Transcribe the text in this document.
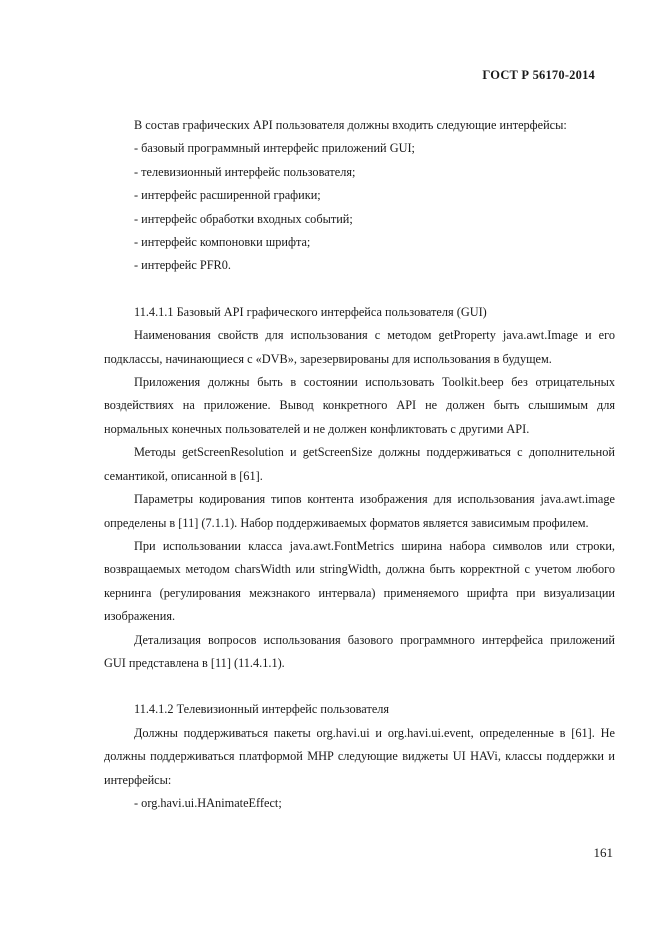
ГОСТ Р 56170-2014

В состав графических API пользователя должны входить следующие интерфейсы:

- базовый программный интерфейс приложений GUI;

- телевизионный интерфейс пользователя;

- интерфейс расширенной графики;

- интерфейс обработки входных событий;

- интерфейс компоновки шрифта;

- интерфейс PFR0.

11.4.1.1 Базовый API графического интерфейса пользователя (GUI)

Наименования свойств для использования с методом getProperty java.awt.Image и его подклассы, начинающиеся с «DVB», зарезервированы для использования в будущем.

Приложения должны быть в состоянии использовать Toolkit.beep без отрицательных воздействиях на приложение. Вывод конкретного API не должен быть слышимым для нормальных конечных пользователей и не должен конфликтовать с другими API.

Методы getScreenResolution и getScreenSize должны поддерживаться с дополнительной семантикой, описанной в [61].

Параметры кодирования типов контента изображения для использования java.awt.image определены в [11] (7.1.1). Набор поддерживаемых форматов является зависимым профилем.

При использовании класса java.awt.FontMetrics ширина набора символов или строки, возвращаемых методом charsWidth или stringWidth, должна быть корректной с учетом любого кернинга (регулирования межзнакого интервала) применяемого шрифта при визуализации изображения.

Детализация вопросов использования базового программного интерфейса приложений GUI представлена в [11] (11.4.1.1).

11.4.1.2 Телевизионный интерфейс пользователя

Должны поддерживаться пакеты org.havi.ui и org.havi.ui.event, определенные в [61]. Не должны поддерживаться платформой MHP следующие виджеты UI HAVi, классы поддержки и интерфейсы:

- org.havi.ui.HAnimateEffect;

161
